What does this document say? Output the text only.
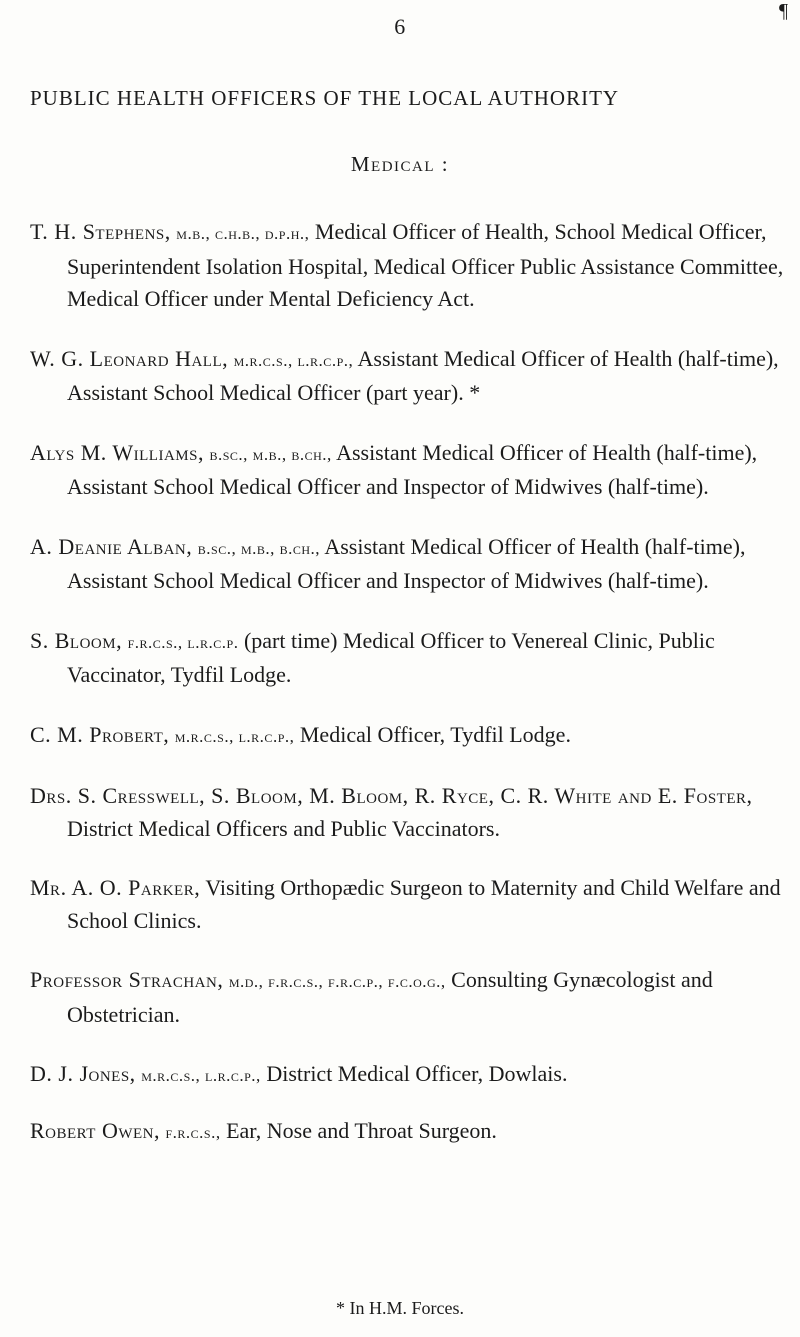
¶
6
PUBLIC HEALTH OFFICERS OF THE LOCAL AUTHORITY
Medical :

T. H. Stephens, m.b., c.h.b., d.p.h., Medical Officer of Health, School Medical Officer, Superintendent Isolation Hospital, Medical Officer Public Assistance Committee, Medical Officer under Mental Deficiency Act.

W. G. Leonard Hall, m.r.c.s., l.r.c.p., Assistant Medical Officer of Health (half-time), Assistant School Medical Officer (part year). *

Alys M. Williams, b.sc., m.b., b.ch., Assistant Medical Officer of Health (half-time), Assistant School Medical Officer and Inspector of Midwives (half-time).

A. Deanie Alban, b.sc., m.b., b.ch., Assistant Medical Officer of Health (half-time), Assistant School Medical Officer and Inspector of Midwives (half-time).

S. Bloom, f.r.c.s., l.r.c.p. (part time) Medical Officer to Venereal Clinic, Public Vaccinator, Tydfil Lodge.

C. M. Probert, m.r.c.s., l.r.c.p., Medical Officer, Tydfil Lodge.

Drs. S. Cresswell, S. Bloom, M. Bloom, R. Ryce, C. R. White and E. Foster, District Medical Officers and Public Vaccinators.

Mr. A. O. Parker, Visiting Orthopædic Surgeon to Maternity and Child Welfare and School Clinics.

Professor Strachan, m.d., f.r.c.s., f.r.c.p., f.c.o.g., Consulting Gynæcologist and Obstetrician.

D. J. Jones, m.r.c.s., l.r.c.p., District Medical Officer, Dowlais.

Robert Owen, f.r.c.s., Ear, Nose and Throat Surgeon.

* In H.M. Forces.
